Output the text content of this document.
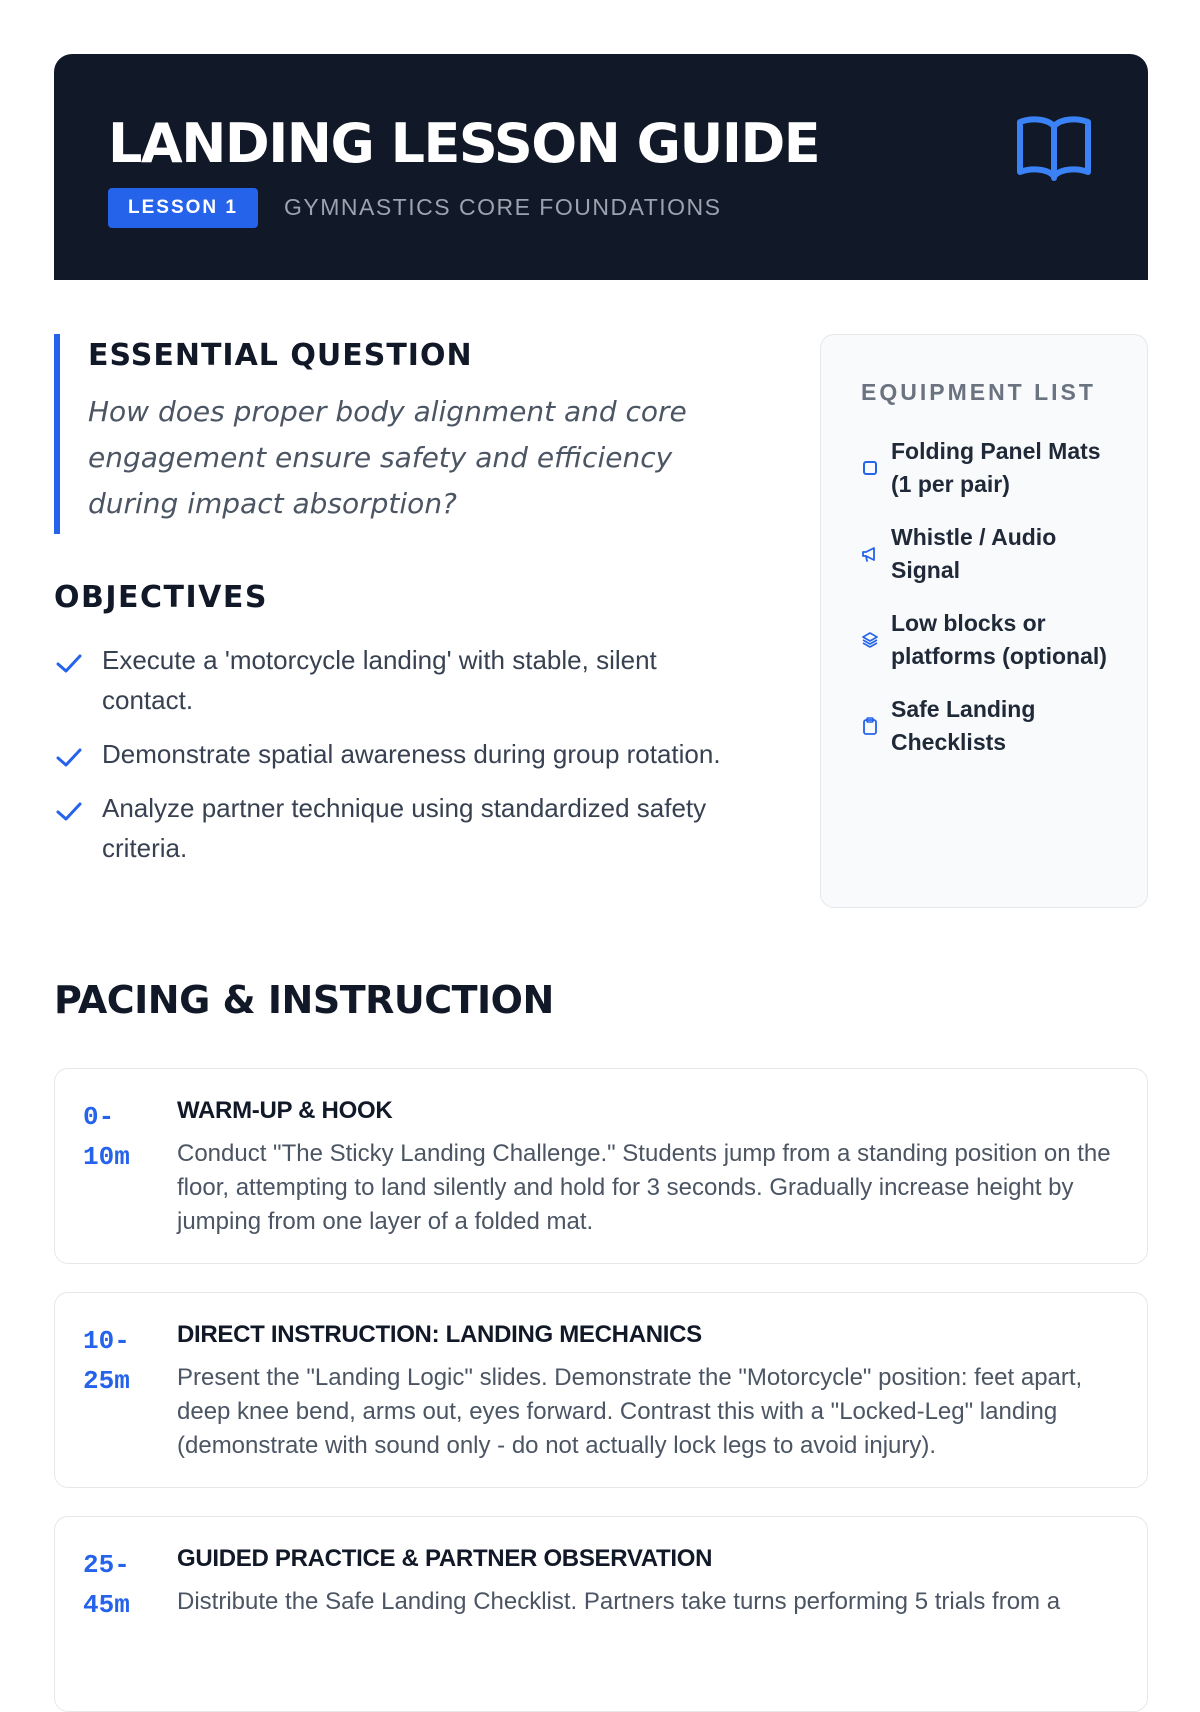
LANDING LESSON GUIDE
LESSON 1	GYMNASTICS CORE FOUNDATIONS
ESSENTIAL QUESTION
How does proper body alignment and core engagement ensure safety and efficiency during impact absorption?
OBJECTIVES
Execute a 'motorcycle landing' with stable, silent contact.
Demonstrate spatial awareness during group rotation.
Analyze partner technique using standardized safety criteria.
EQUIPMENT LIST
Folding Panel Mats (1 per pair)
Whistle / Audio Signal
Low blocks or platforms (optional)
Safe Landing Checklists
PACING & INSTRUCTION
0-10m
WARM-UP & HOOK
Conduct "The Sticky Landing Challenge." Students jump from a standing position on the floor, attempting to land silently and hold for 3 seconds. Gradually increase height by jumping from one layer of a folded mat.
10-25m
DIRECT INSTRUCTION: LANDING MECHANICS
Present the "Landing Logic" slides. Demonstrate the "Motorcycle" position: feet apart, deep knee bend, arms out, eyes forward. Contrast this with a "Locked-Leg" landing (demonstrate with sound only - do not actually lock legs to avoid injury).
25-45m
GUIDED PRACTICE & PARTNER OBSERVATION
Distribute the Safe Landing Checklist. Partners take turns performing 5 trials from a
